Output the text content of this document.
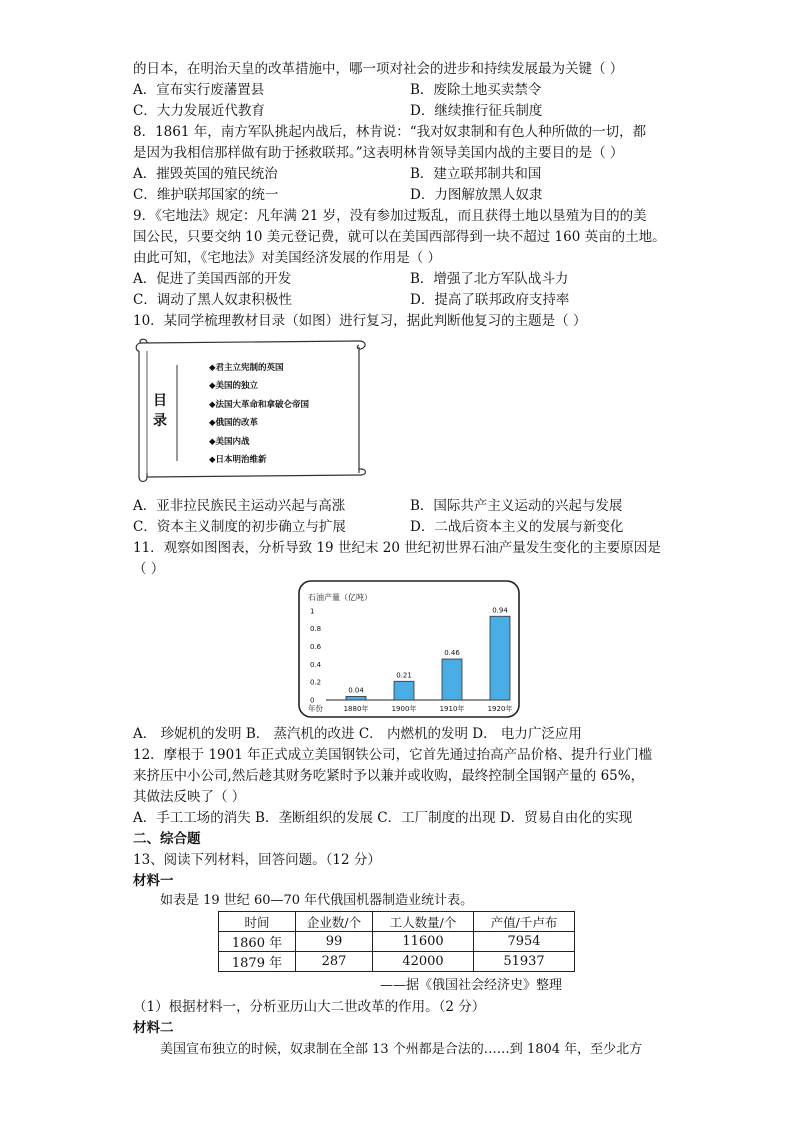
的日本，在明治天皇的改革措施中，哪一项对社会的进步和持续发展最为关键（ ）
A．宣布实行废藩置县	B．废除土地买卖禁令
C．大力发展近代教育	D．继续推行征兵制度
8．1861 年，南方军队挑起内战后，林肯说：“我对奴隶制和有色人种所做的一切，都
是因为我相信那样做有助于拯救联邦。”这表明林肯领导美国内战的主要目的是（ ）
A．摧毁英国的殖民统治	B．建立联邦制共和国
C．维护联邦国家的统一	D．力图解放黑人奴隶
9．《宅地法》规定：凡年满 21 岁，没有参加过叛乱，而且获得土地以垦殖为目的的美
国公民，只要交纳 10 美元登记费，就可以在美国西部得到一块不超过 160 英亩的土地。
由此可知，《宅地法》对美国经济发展的作用是（ ）
A．促进了美国西部的开发	B．增强了北方军队战斗力
C．调动了黑人奴隶积极性	D．提高了联邦政府支持率
10．某同学梳理教材目录（如图）进行复习，据此判断他复习的主题是（ ）
目
录
◆君主立宪制的英国
◆美国的独立
◆法国大革命和拿破仑帝国
◆俄国的改革
◆美国内战
◆日本明治维新
A．亚非拉民族民主运动兴起与高涨	B．国际共产主义运动的兴起与发展
C．资本主义制度的初步确立与扩展	D．二战后资本主义的发展与新变化
11．观察如图图表，分析导致 19 世纪末 20 世纪初世界石油产量发生变化的主要原因是
（ ）
石油产量（亿吨）
年份
0
0.2
0.4
0.6
0.8
1
0.04
1880年
0.21
1900年
0.46
1910年
0.94
1920年
A． 珍妮机的发明 B． 蒸汽机的改进 C． 内燃机的发明 D． 电力广泛应用
12．摩根于 1901 年正式成立美国钢铁公司，它首先通过抬高产品价格、提升行业门槛
来挤压中小公司,然后趁其财务吃紧时予以兼并或收购，最终控制全国钢产量的 65%，
其做法反映了（ ）
A．手工工场的消失 B．垄断组织的发展 C．工厂制度的出现 D．贸易自由化的实现
二、综合题
13、阅读下列材料，回答问题。（12 分）
材料一
如表是 19 世纪 60—70 年代俄国机器制造业统计表。
时间	企业数/个	工人数量/个	产值/千卢布
1860 年	99	11600	7954
1879 年	287	42000	51937
——据《俄国社会经济史》整理
（1）根据材料一，分析亚历山大二世改革的作用。（2 分）
材料二
美国宣布独立的时候，奴隶制在全部 13 个州都是合法的……到 1804 年，至少北方
